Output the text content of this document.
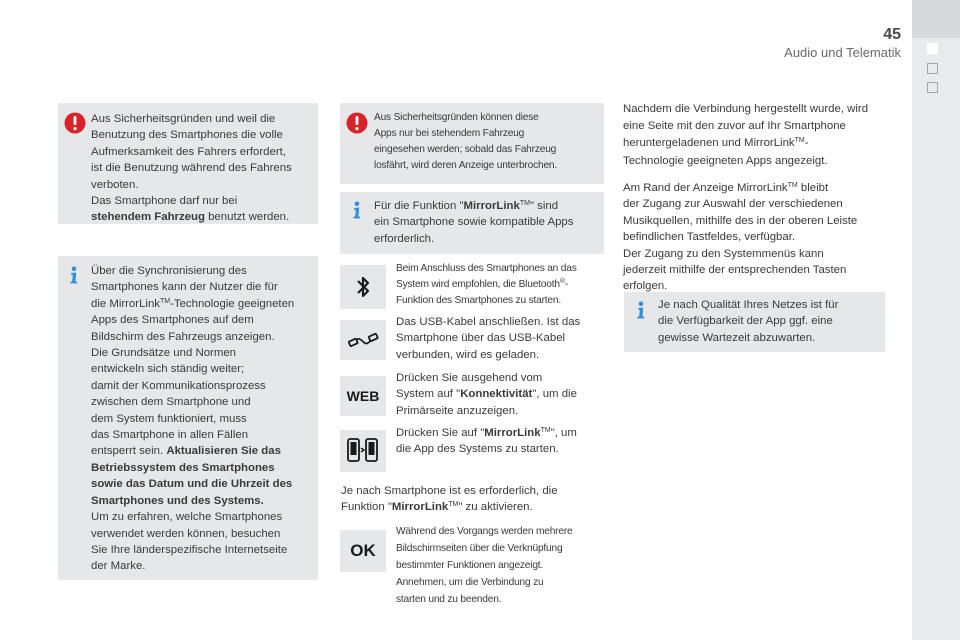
45
Audio und Telematik
Aus Sicherheitsgründen und weil die
Benutzung des Smartphones die volle
Aufmerksamkeit des Fahrers erfordert,
ist die Benutzung während des Fahrens
verboten.
Das Smartphone darf nur bei
stehendem Fahrzeug benutzt werden.
Über die Synchronisierung des
Smartphones kann der Nutzer die für
die MirrorLink™-Technologie geeigneten
Apps des Smartphones auf dem
Bildschirm des Fahrzeugs anzeigen.
Die Grundsätze und Normen
entwickeln sich ständig weiter;
damit der Kommunikationsprozess
zwischen dem Smartphone und
dem System funktioniert, muss
das Smartphone in allen Fällen
entsperrt sein. Aktualisieren Sie das
Betriebssystem des Smartphones
sowie das Datum und die Uhrzeit des
Smartphones und des Systems.
Um zu erfahren, welche Smartphones
verwendet werden können, besuchen
Sie Ihre länderspezifische Internetseite
der Marke.
Aus Sicherheitsgründen können diese
Apps nur bei stehendem Fahrzeug
eingesehen werden; sobald das Fahrzeug
losfährt, wird deren Anzeige unterbrochen.
Für die Funktion "MirrorLink™" sind
ein Smartphone sowie kompatible Apps
erforderlich.
Beim Anschluss des Smartphones an das
System wird empfohlen, die Bluetooth®-
Funktion des Smartphones zu starten.
Das USB-Kabel anschließen. Ist das
Smartphone über das USB-Kabel
verbunden, wird es geladen.
WEB
Drücken Sie ausgehend vom
System auf "Konnektivität", um die
Primärseite anzuzeigen.
Drücken Sie auf "MirrorLink™", um
die App des Systems zu starten.
Je nach Smartphone ist es erforderlich, die
Funktion "MirrorLink™" zu aktivieren.
OK
Während des Vorgangs werden mehrere
Bildschirmseiten über die Verknüpfung
bestimmter Funktionen angezeigt.
Annehmen, um die Verbindung zu
starten und zu beenden.
Nachdem die Verbindung hergestellt wurde, wird
eine Seite mit den zuvor auf Ihr Smartphone
heruntergeladenen und MirrorLink™-
Technologie geeigneten Apps angezeigt.
Am Rand der Anzeige MirrorLink™ bleibt
der Zugang zur Auswahl der verschiedenen
Musikquellen, mithilfe des in der oberen Leiste
befindlichen Tastfeldes, verfügbar.
Der Zugang zu den Systemmenüs kann
jederzeit mithilfe der entsprechenden Tasten
erfolgen.
Je nach Qualität Ihres Netzes ist für
die Verfügbarkeit der App ggf. eine
gewisse Wartezeit abzuwarten.
